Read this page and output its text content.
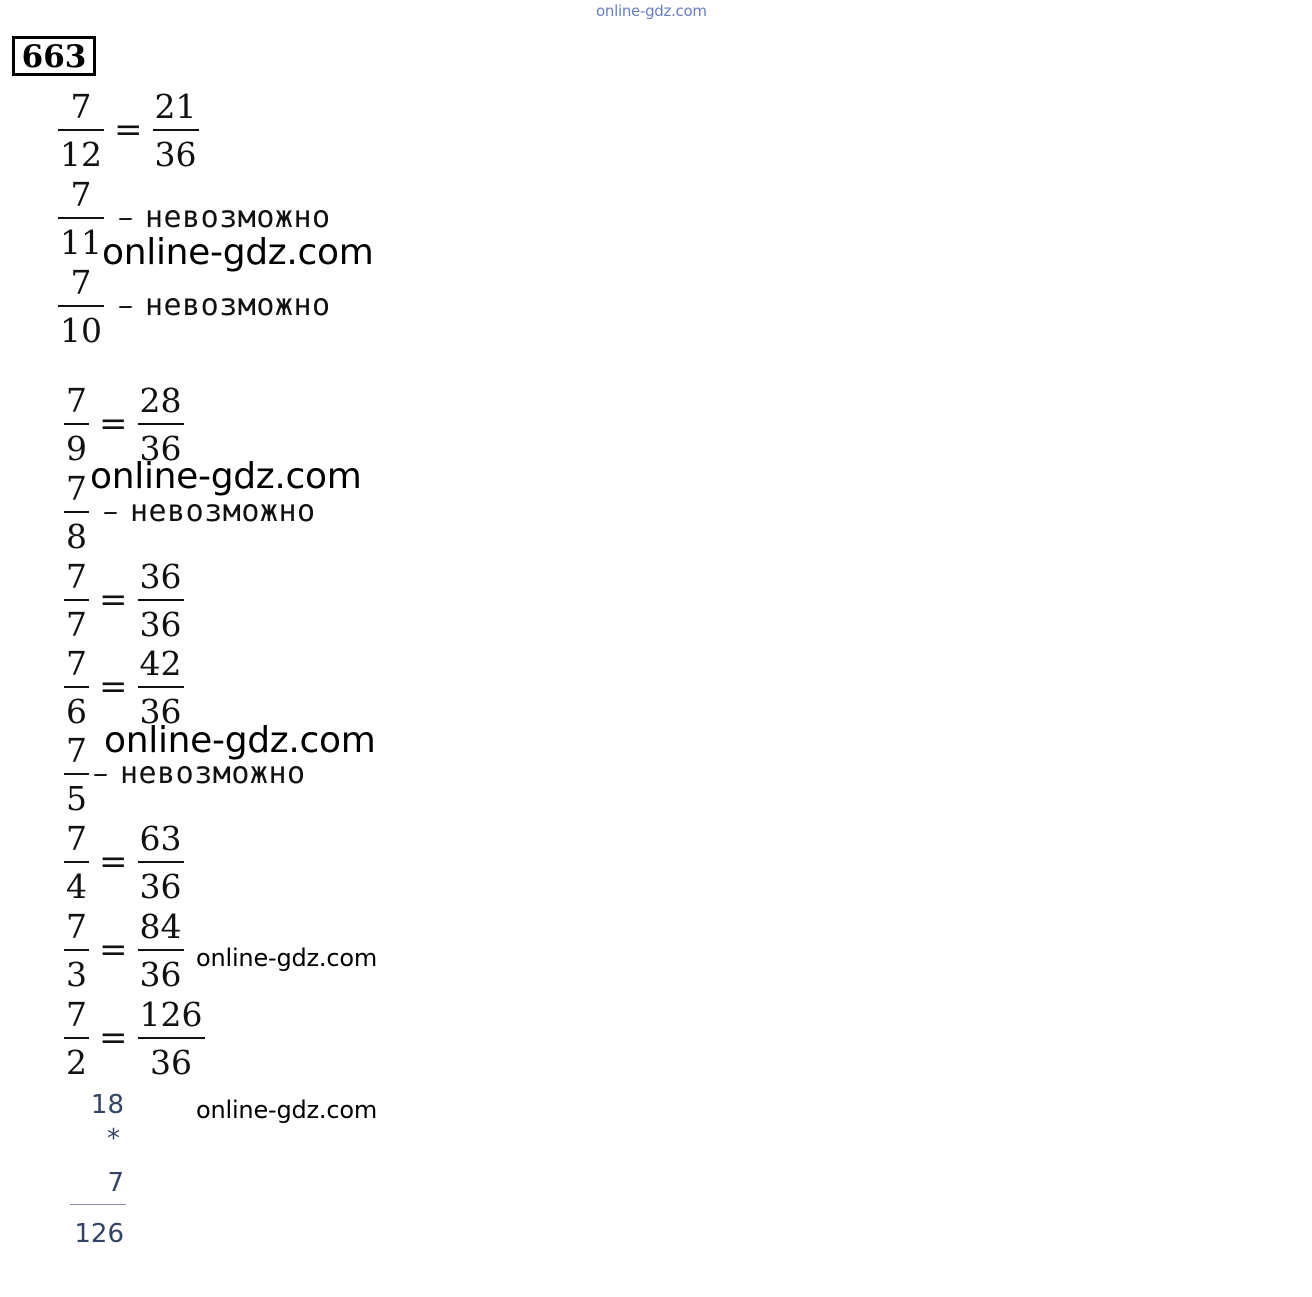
online-gdz.com
663
$\frac{7}{12} = \frac{21}{36}$
$\frac{7}{11}$ – невозможно
$\frac{7}{10}$ – невозможно
$\frac{7}{9} = \frac{28}{36}$
$\frac{7}{8}$ – невозможно
$\frac{7}{7} = \frac{36}{36}$
$\frac{7}{6} = \frac{42}{36}$
$\frac{7}{5}$ – невозможно
$\frac{7}{4} = \frac{63}{36}$
$\frac{7}{3} = \frac{84}{36}$
$\frac{7}{2} = \frac{126}{36}$
online-gdz.com
online-gdz.com
online-gdz.com
online-gdz.com
online-gdz.com
18
*
7
126
